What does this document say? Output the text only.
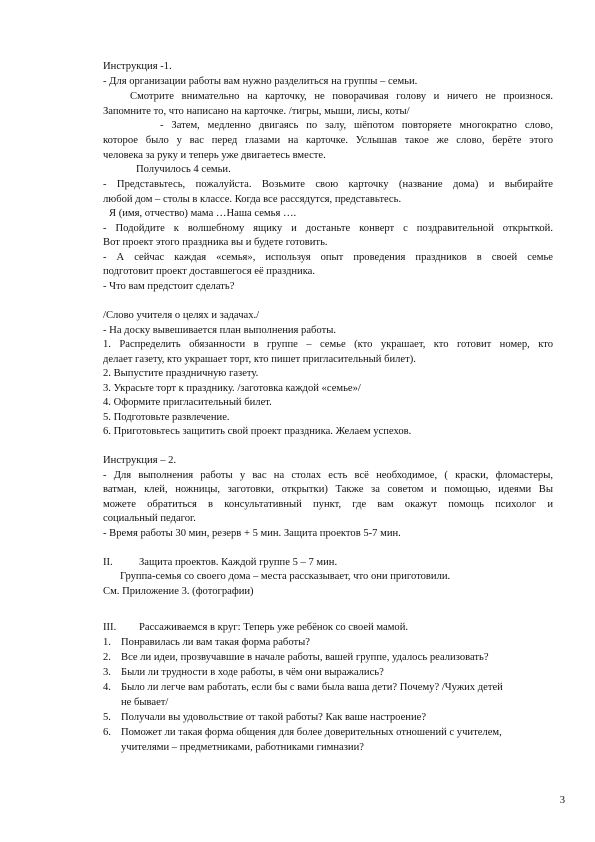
Инструкция -1.
- Для организации работы вам нужно разделиться на группы – семьи.
Смотрите внимательно на карточку, не поворачивая голову и ничего не произнося.
Запомните то, что написано на карточке. /тигры, мыши, лисы, коты/
- Затем, медленно двигаясь по залу, шёпотом повторяете многократно слово,
которое было у вас перед глазами на карточке. Услышав такое же слово, берёте этого
человека за руку и теперь уже двигаетесь вместе.
Получилось 4 семьи.
- Представьтесь, пожалуйста. Возьмите свою карточку (название дома) и выбирайте
любой дом – столы в классе. Когда все рассядутся, представьтесь.
Я (имя, отчество) мама …Наша семья ….
- Подойдите к волшебному ящику и достаньте конверт с поздравительной открыткой.
Вот проект этого праздника вы и будете готовить.
- А сейчас каждая «семья», используя опыт проведения праздников в своей семье
подготовит проект доставшегося её праздника.
- Что вам предстоит сделать?
/Слово учителя о целях и задачах./
- На доску вывешивается план выполнения работы.
1. Распределить обязанности в группе – семье (кто украшает, кто готовит номер, кто
делает газету, кто украшает торт, кто пишет пригласительный билет).
2. Выпустите праздничную газету.
3. Украсьте торт к празднику. /заготовка каждой «семье»/
4. Оформите пригласительный билет.
5. Подготовьте развлечение.
6. Приготовьтесь защитить свой проект праздника. Желаем успехов.
Инструкция – 2.
- Для выполнения работы у вас на столах есть всё необходимое, ( краски, фломастеры,
ватман, клей, ножницы, заготовки, открытки) Также за советом и помощью, идеями Вы
можете обратиться в консультативный пункт, где вам окажут помощь психолог и
социальный педагог.
- Время работы 30 мин, резерв + 5 мин. Защита проектов 5-7 мин.
II. Защита проектов. Каждой группе 5 – 7 мин.
Группа-семья со своего дома – места рассказывает, что они приготовили.
См. Приложение 3. (фотографии)
III. Рассаживаемся в круг: Теперь уже ребёнок со своей мамой.
1. Понравилась ли вам такая форма работы?
2. Все ли идеи, прозвучавшие в начале работы, вашей группе, удалось реализовать?
3. Были ли трудности в ходе работы, в чём они выражались?
4. Было ли легче вам работать, если бы с вами была ваша дети? Почему? /Чужих детей
не бывает/
5. Получали вы удовольствие от такой работы? Как ваше настроение?
6. Поможет ли такая форма общения для более доверительных отношений с учителем,
учителями – предметниками, работниками гимназии?
3
